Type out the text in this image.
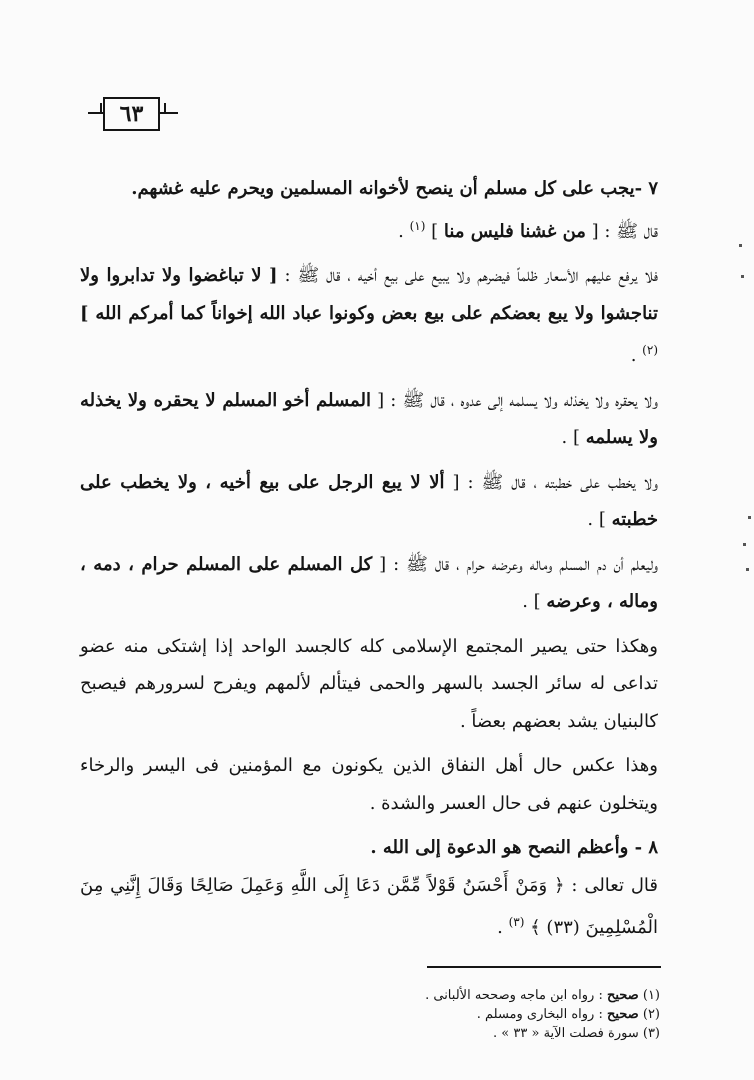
٦٣

٧ -يجب على كل مسلم أن ينصح لأخوانه المسلمين ويحرم عليه غشهم.

قال ﷺ : [ من غشنا فليس منا ] $^{(١)}$ .

فلا يرفع عليهم الأسعار ظلماً فيضرهم ولا يبيع على بيع أخيه ، قال ﷺ : [ لا تباغضوا ولا تدابروا ولا تناجشوا ولا يبع بعضكم على بيع بعض وكونوا عباد الله إخواناً كما أمركم الله ]$^{(٢)}$ .

ولا يحقره ولا يخذله ولا يسلمه إلى عدوه ، قال ﷺ : [ المسلم أخو المسلم لا يحقره ولا يخذله ولا يسلمه ] .

ولا يخطب على خطبته ، قال ﷺ : [ ألا لا يبع الرجل على بيع أخيه ، ولا يخطب على خطبته ] .

وليعلم أن دم المسلم وماله وعرضه حرام ، قال ﷺ : [ كل المسلم على المسلم حرام ، دمه ، وماله ، وعرضه ] .

وهكذا حتى يصير المجتمع الإسلامى كله كالجسد الواحد إذا إشتكى منه عضو تداعى له سائر الجسد بالسهر والحمى فيتألم لألمهم ويفرح لسرورهم فيصبح كالبنيان يشد بعضهم بعضاً .

وهذا عكس حال أهل النفاق الذين يكونون مع المؤمنين فى اليسر والرخاء ويتخلون عنهم فى حال العسر والشدة .

٨ - وأعظم النصح هو الدعوة إلى الله .

قال تعالى : ﴿ وَمَنْ أَحْسَنُ قَوْلاً مِّمَّن دَعَا إِلَى اللَّهِ وَعَمِلَ صَالِحًا وَقَالَ إِنَّنِي مِنَ الْمُسْلِمِينَ (٣٣) ﴾ $^{(٣)}$ .

(١) صحيح : رواه ابن ماجه وصححه الألبانى .

(٢) صحيح : رواه البخارى ومسلم .

(٣) سورة فصلت الآية « ٣٣ » .
